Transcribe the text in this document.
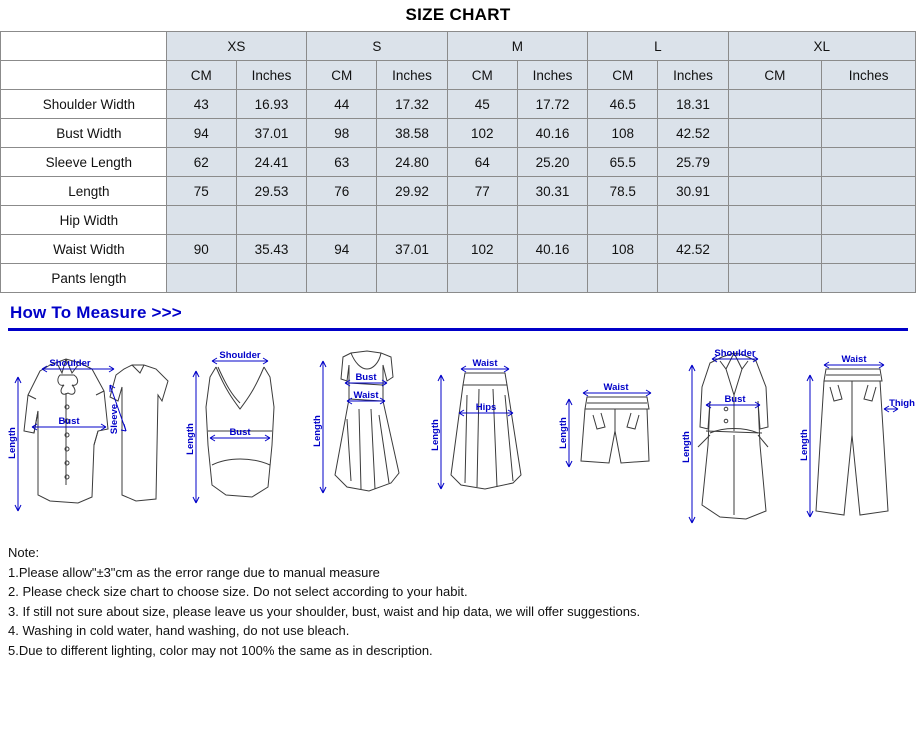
SIZE CHART
	XS		S		M		L		XL	
	CM	Inches	CM	Inches	CM	Inches	CM	Inches	CM	Inches
Shoulder Width	43	16.93	44	17.32	45	17.72	46.5	18.31		
Bust Width	94	37.01	98	38.58	102	40.16	108	42.52		
Sleeve Length	62	24.41	63	24.80	64	25.20	65.5	25.79		
Length	75	29.53	76	29.92	77	30.31	78.5	30.91		
Hip Width										
Waist Width	90	35.43	94	37.01	102	40.16	108	42.52		
Pants length										
How To Measure >>>
Shoulder
Bust	Sleeve
Length
Shoulder
Bust
Length
Bust
Waist
Length
Waist
Hips
Length
Waist
Length
Shoulder
Bust
Length
Waist
Thigh
Length
Note:
1.Please allow"±3"cm as the error range due to manual measure
2. Please check size chart to choose size. Do not select according to your habit.
3. If still not sure about size, please leave us your shoulder, bust, waist and hip data, we will offer suggestions.
4. Washing in cold water, hand washing, do not use bleach.
5.Due to different lighting, color may not 100% the same as in description.
